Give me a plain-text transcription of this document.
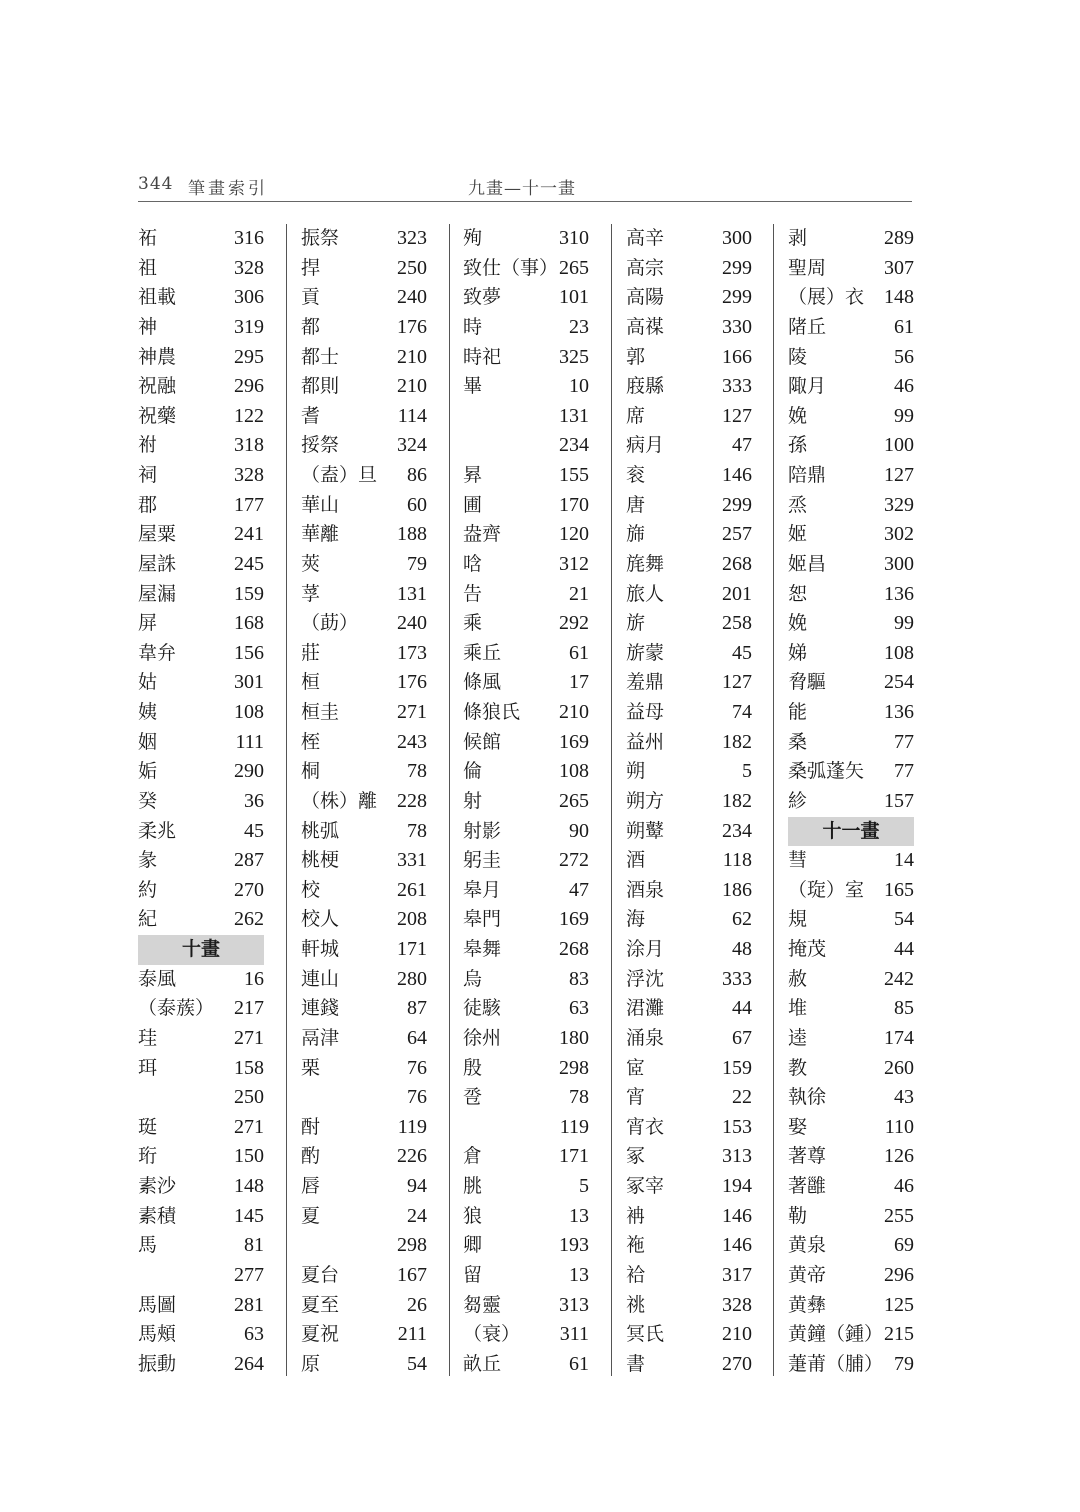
344 筆畫索引	九畫—十一畫
祏	316
祖	328
祖載	306
神	319
神農	295
祝融	296
祝藥	122
祔	318
祠	328
郡	177
屋粟	241
屋誅	245
屋漏	159
屏	168
韋弁	156
姑	301
姨	108
姻	111
姤	290
癸	36
柔兆	45
彖	287
約	270
紀	262
十畫
泰風	16
（泰蔟） 217
珪	271
珥	158
250
珽	271
珩	150
素沙	148
素積	145
馬	81
277
馬圖	281
馬頰	63
振動	264
振祭	323
捍	250
貢	240
都	176
都士	210
都則	210
耆	114
挼祭	324
（盍）旦 86
華山	60
華離	188
莢	79
莩	131
（莇） 240
莊	173
桓	176
桓圭	271
桎	243
桐	78
（株）離 228
桃弧	78
桃梗	331
校	261
校人	208
軒城	171
連山	280
連錢	87
鬲津	64
栗	76
76
酎	119
酌	226
唇	94
夏	24
298
夏台	167
夏至	26
夏祝	211
原	54
殉	310
致仕（事） 265
致夢	101
時	23
時祀	325
畢	10
131
234
昪	155
圃	170
盎齊	120
唅	312
告	21
乘	292
乘丘	61
條風	17
條狼氏 210
候館	169
倫	108
射	265
射影	90
躬圭	272
皋月	47
皋門	169
皋舞	268
烏	83
徒駭	63
徐州	180
殷	298
卺	78
119
倉	171
朓	5
狼	13
卿	193
留	13
芻靈	313
（衰） 311
畝丘	61
高辛	300
高宗	299
高陽	299
高禖	330
郭	166
庪縣	333
席	127
病月	47
衮	146
唐	299
旆	257
旄舞	268
旅人	201
旂	258
旂蒙	45
羞鼎	127
益母	74
益州	182
朔	5
朔方	182
朔鼙	234
酒	118
酒泉	186
海	62
涂月	48
浮沈	333
涒灘	44
涌泉	67
宧	159
宵	22
宵衣	153
冢	313
冢宰	194
袡	146
袘	146
袷	317
祧	328
冥氏	210
書	270
剥	289
聖周	307
（展）衣 148
陼丘	61
陵	56
陬月	46
娩	99
孫	100
陪鼎	127
烝	329
姬	302
姬昌	300
恕	136
娩	99
娣	108
脅驅	254
能	136
桑	77
桑弧蓬矢 77
紾	157
十一畫
彗	14
（琁）室 165
規	54
掩茂	44
赦	242
堆	85
逵	174
教	260
執徐	43
娶	110
著尊	126
著雝	46
勒	255
黄泉	69
黄帝	296
黄彝	125
黄鐘（鍾） 215
萐莆（脯） 79
